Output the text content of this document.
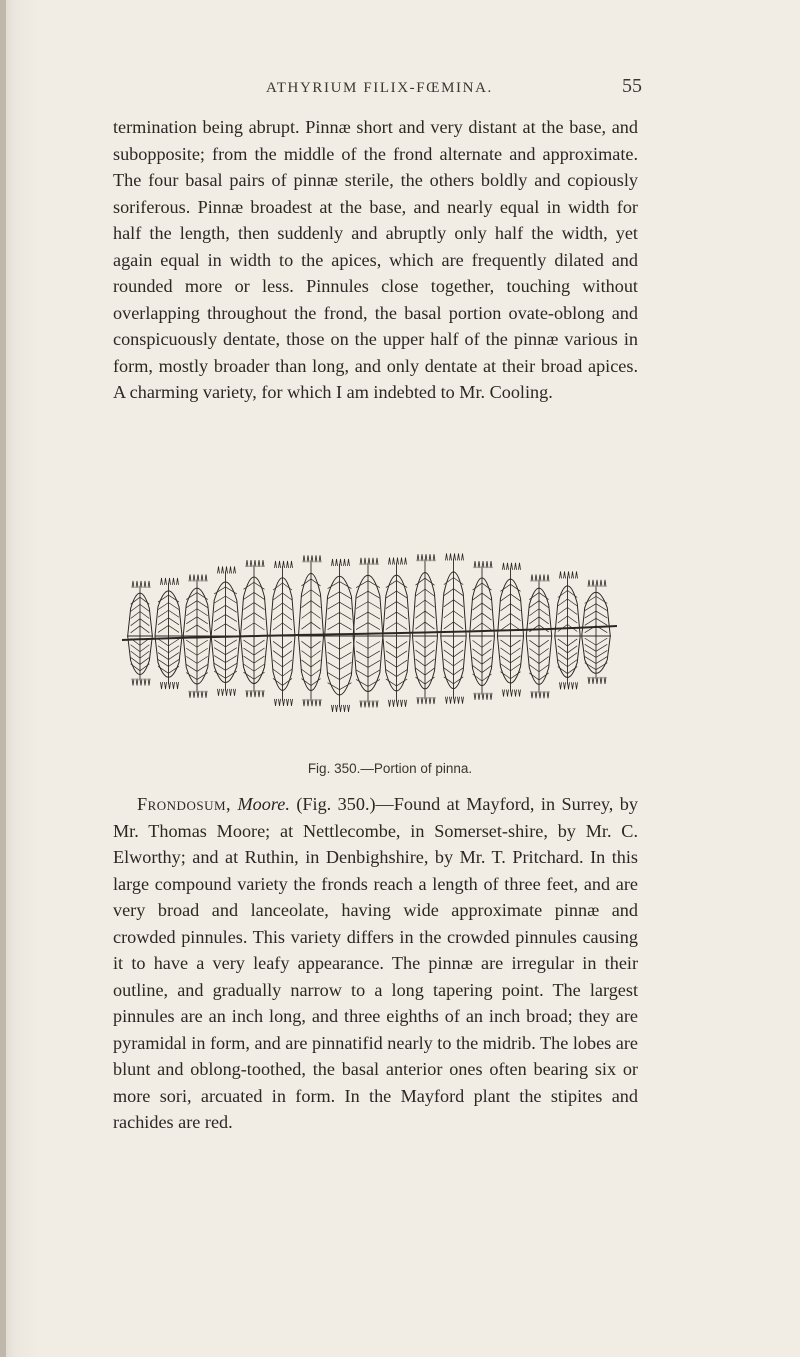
ATHYRIUM FILIX-FŒMINA.	55

termination being abrupt. Pinnæ short and very distant at the base, and subopposite; from the middle of the frond alternate and approximate. The four basal pairs of pinnæ sterile, the others boldly and copiously soriferous. Pinnæ broadest at the base, and nearly equal in width for half the length, then suddenly and abruptly only half the width, yet again equal in width to the apices, which are frequently dilated and rounded more or less. Pinnules close together, touching without overlapping throughout the frond, the basal portion ovate-oblong and conspicuously dentate, those on the upper half of the pinnæ various in form, mostly broader than long, and only dentate at their broad apices. A charming variety, for which I am indebted to Mr. Cooling.

Fig. 350.—Portion of pinna.

Frondosum, Moore. (Fig. 350.)—Found at Mayford, in Surrey, by Mr. Thomas Moore; at Nettlecombe, in Somerset-shire, by Mr. C. Elworthy; and at Ruthin, in Denbighshire, by Mr. T. Pritchard. In this large compound variety the fronds reach a length of three feet, and are very broad and lanceolate, having wide approximate pinnæ and crowded pinnules. This variety differs in the crowded pinnules causing it to have a very leafy appearance. The pinnæ are irregular in their outline, and gradually narrow to a long tapering point. The largest pinnules are an inch long, and three eighths of an inch broad; they are pyramidal in form, and are pinnatifid nearly to the midrib. The lobes are blunt and oblong-toothed, the basal anterior ones often bearing six or more sori, arcuated in form. In the Mayford plant the stipites and rachides are red.
